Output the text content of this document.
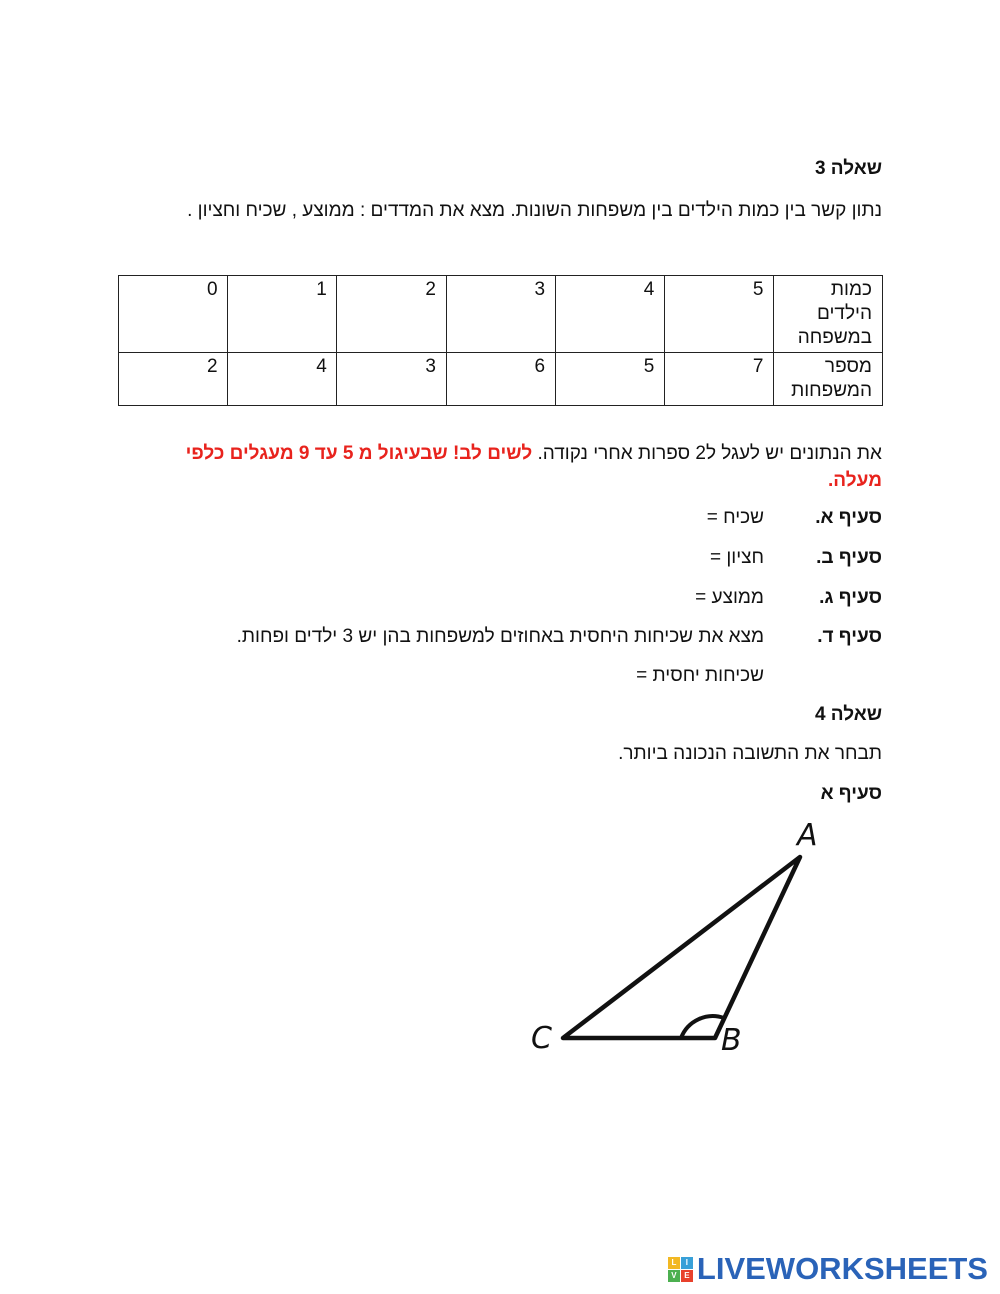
שאלה 3
נתון קשר בין כמות הילדים בין משפחות השונות. מצא את המדדים : ממוצע , שכיח וחציון .
כמות הילדים במשפחה	5	4	3	2	1	0
מספר המשפחות	7	5	6	3	4	2
את הנתונים יש לעגל ל2 ספרות אחרי נקודה. לשים לב! שבעיגול מ 5 עד 9 מעגלים כלפי מעלה.
סעיף א.
שכיח =
סעיף ב.
חציון =
סעיף ג.
ממוצע =
סעיף ד.
מצא את שכיחות היחסית באחוזים למשפחות בהן יש 3 ילדים ופחות.
שכיחות יחסית =
שאלה 4
תבחר את התשובה הנכונה ביותר.
סעיף א
A
B
C
L	I
V E LIVEWORKSHEETS
